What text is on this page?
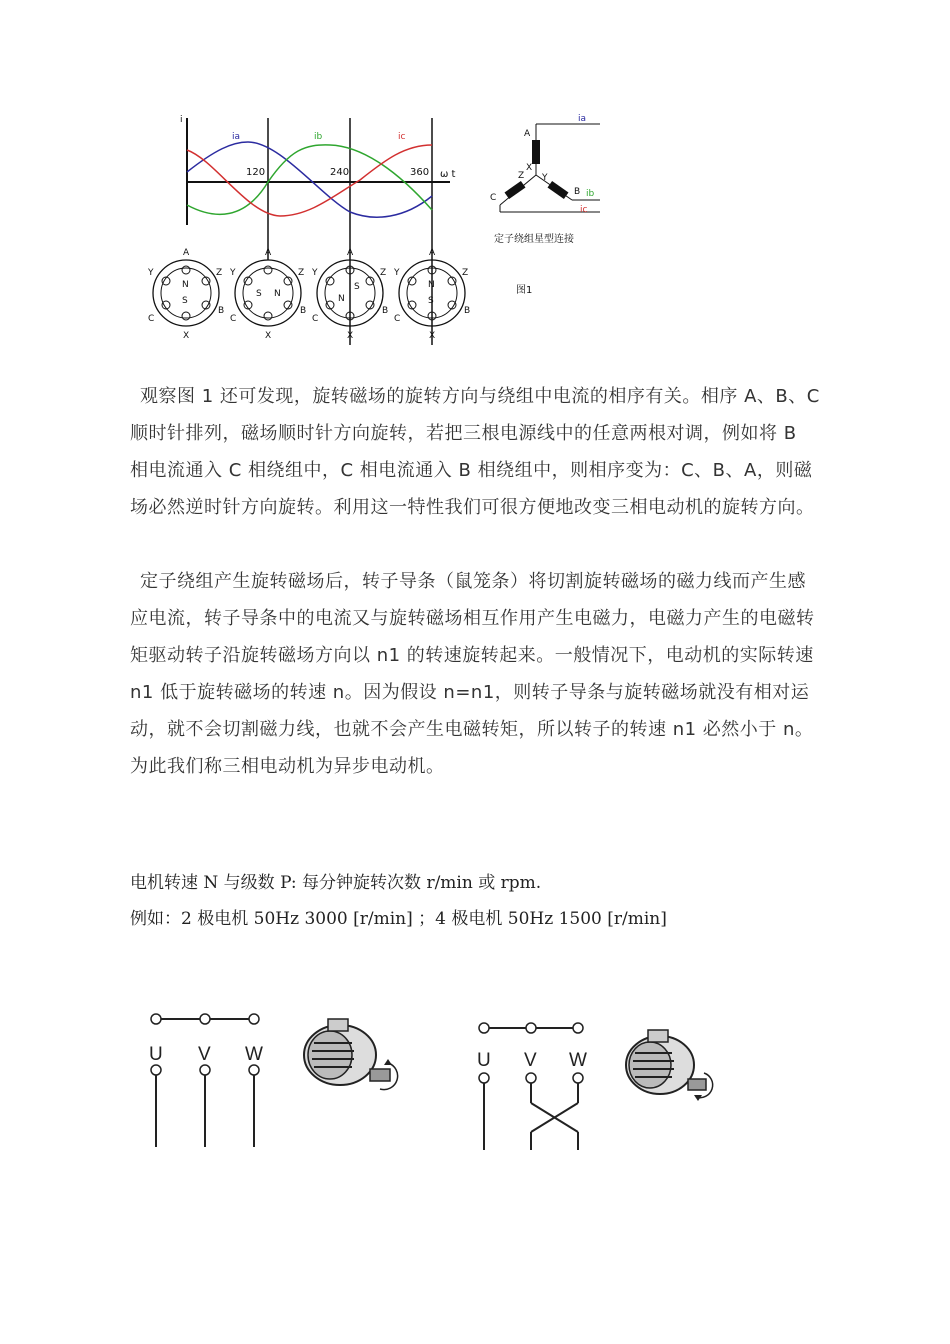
i
ω t
120	240	360
ia	ib	ic
N
S
A
X
Y	Z
C
B
S N
A
X
Y	Z
C
B
N
S
A
X
Y	Z
C
B
N
S
A
X
Y	Z
C
B
A
X
Z Y
C
B
ia
ib
ic
定子绕组星型连接
图1

观察图 1 还可发现，旋转磁场的旋转方向与绕组中电流的相序有关。相序 A、B、C 顺时针排列，磁场顺时针方向旋转，若把三根电源线中的任意两根对调，例如将 B 相电流通入 C 相绕组中，C 相电流通入 B 相绕组中，则相序变为：C、B、A，则磁场必然逆时针方向旋转。利用这一特性我们可很方便地改变三相电动机的旋转方向。

定子绕组产生旋转磁场后，转子导条（鼠笼条）将切割旋转磁场的磁力线而产生感应电流，转子导条中的电流又与旋转磁场相互作用产生电磁力，电磁力产生的电磁转矩驱动转子沿旋转磁场方向以 n1 的转速旋转起来。一般情况下，电动机的实际转速 n1 低于旋转磁场的转速 n。因为假设 n=n1，则转子导条与旋转磁场就没有相对运动，就不会切割磁力线，也就不会产生电磁转矩，所以转子的转速 n1 必然小于 n。为此我们称三相电动机为异步电动机。

电机转速 N 与级数 P: 每分钟旋转次数 r/min 或 rpm.
例如：2 极电机 50Hz 3000 [r/min] ；4 极电机 50Hz 1500 [r/min]
U V W	U V W
